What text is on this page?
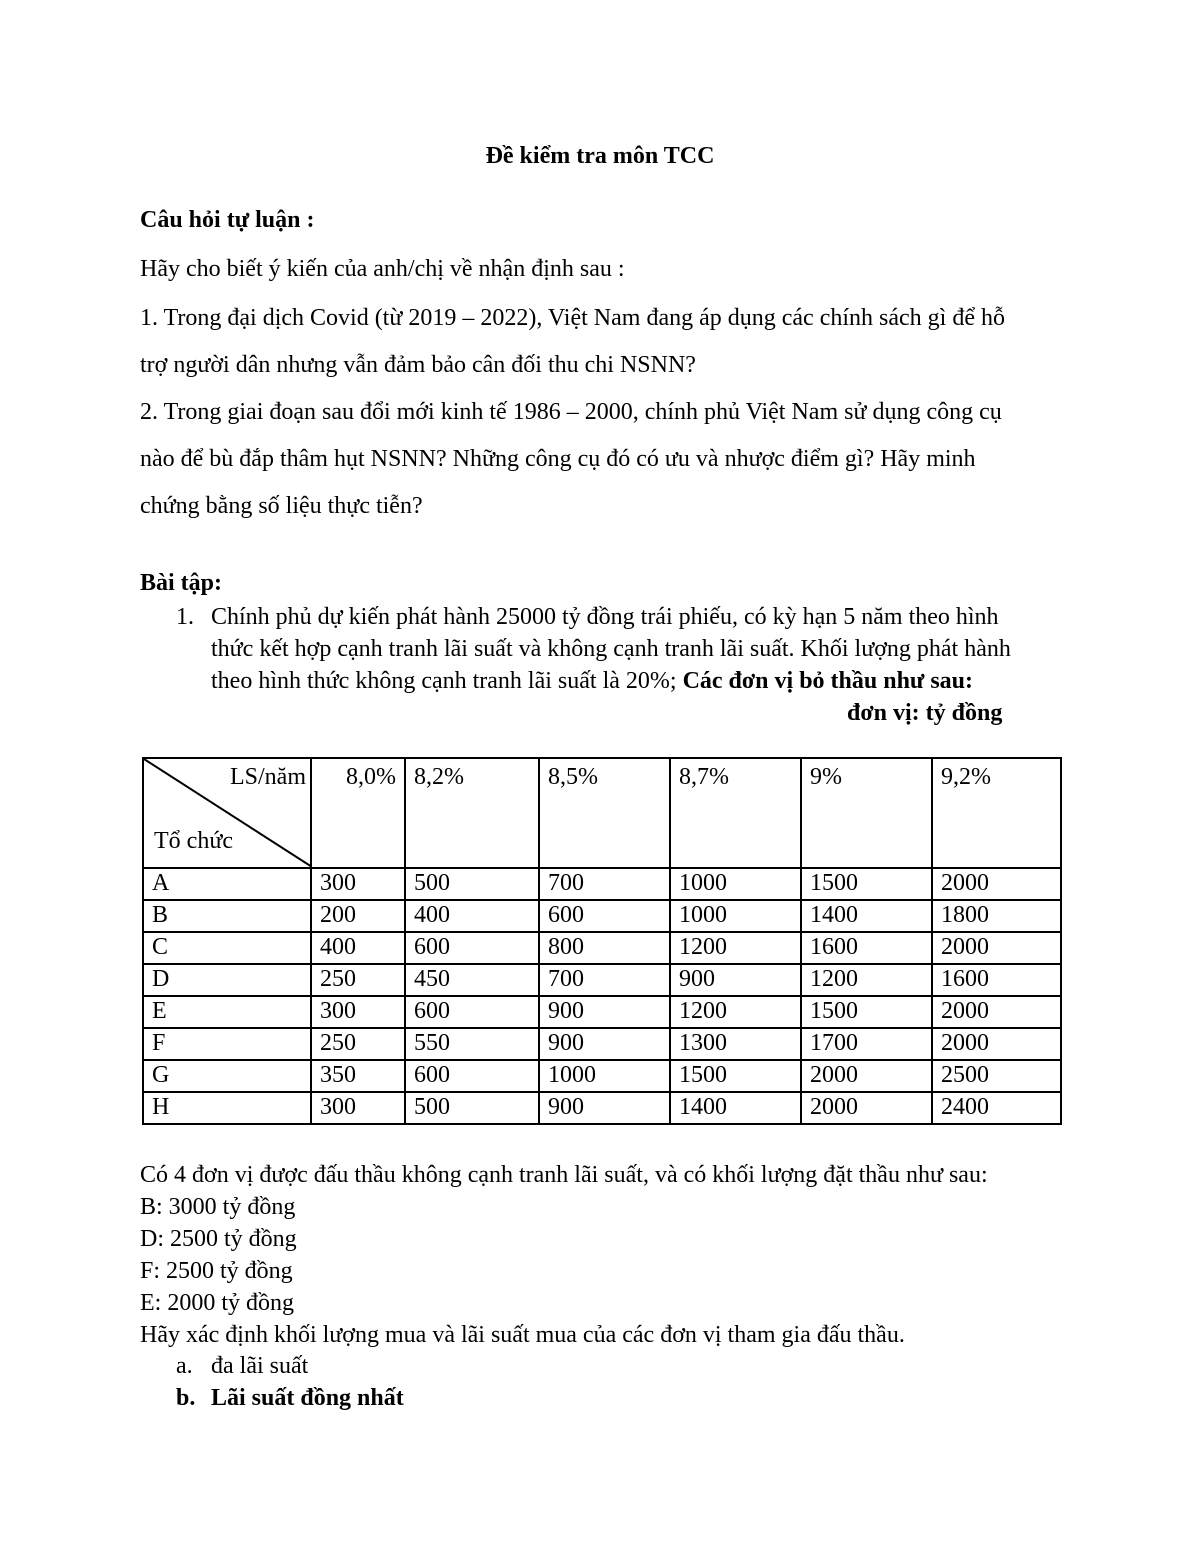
Đề kiểm tra môn TCC
Câu hỏi tự luận :
Hãy cho biết ý kiến của anh/chị về nhận định sau :
1. Trong đại dịch Covid (từ 2019 – 2022), Việt Nam đang áp dụng các chính sách gì để hỗ
trợ người dân nhưng vẫn đảm bảo cân đối thu chi NSNN?
2. Trong giai đoạn sau đổi mới kinh tế 1986 – 2000, chính phủ Việt Nam sử dụng công cụ
nào để bù đắp thâm hụt NSNN? Những công cụ đó có ưu và nhược điểm gì? Hãy minh
chứng bằng số liệu thực tiễn?
Bài tập:
1. Chính phủ dự kiến phát hành 25000 tỷ đồng trái phiếu, có kỳ hạn 5 năm theo hình
thức kết hợp cạnh tranh lãi suất và không cạnh tranh lãi suất. Khối lượng phát hành
theo hình thức không cạnh tranh lãi suất là 20%; Các đơn vị bỏ thầu như sau:
đơn vị: tỷ đồng
LS/năm
Tổ chức	8,0%	8,2%	8,5%	8,7%	9%	9,2%
A	300	500	700	1000	1500	2000
B	200	400	600	1000	1400	1800
C	400	600	800	1200	1600	2000
D	250	450	700	900	1200	1600
E	300	600	900	1200	1500	2000
F	250	550	900	1300	1700	2000
G	350	600	1000	1500	2000	2500
H	300	500	900	1400	2000	2400
Có 4 đơn vị được đấu thầu không cạnh tranh lãi suất, và có khối lượng đặt thầu như sau:
B: 3000 tỷ đồng
D: 2500 tỷ đồng
F: 2500 tỷ đồng
E: 2000 tỷ đồng
Hãy xác định khối lượng mua và lãi suất mua của các đơn vị tham gia đấu thầu.
a. đa lãi suất
b. Lãi suất đồng nhất
